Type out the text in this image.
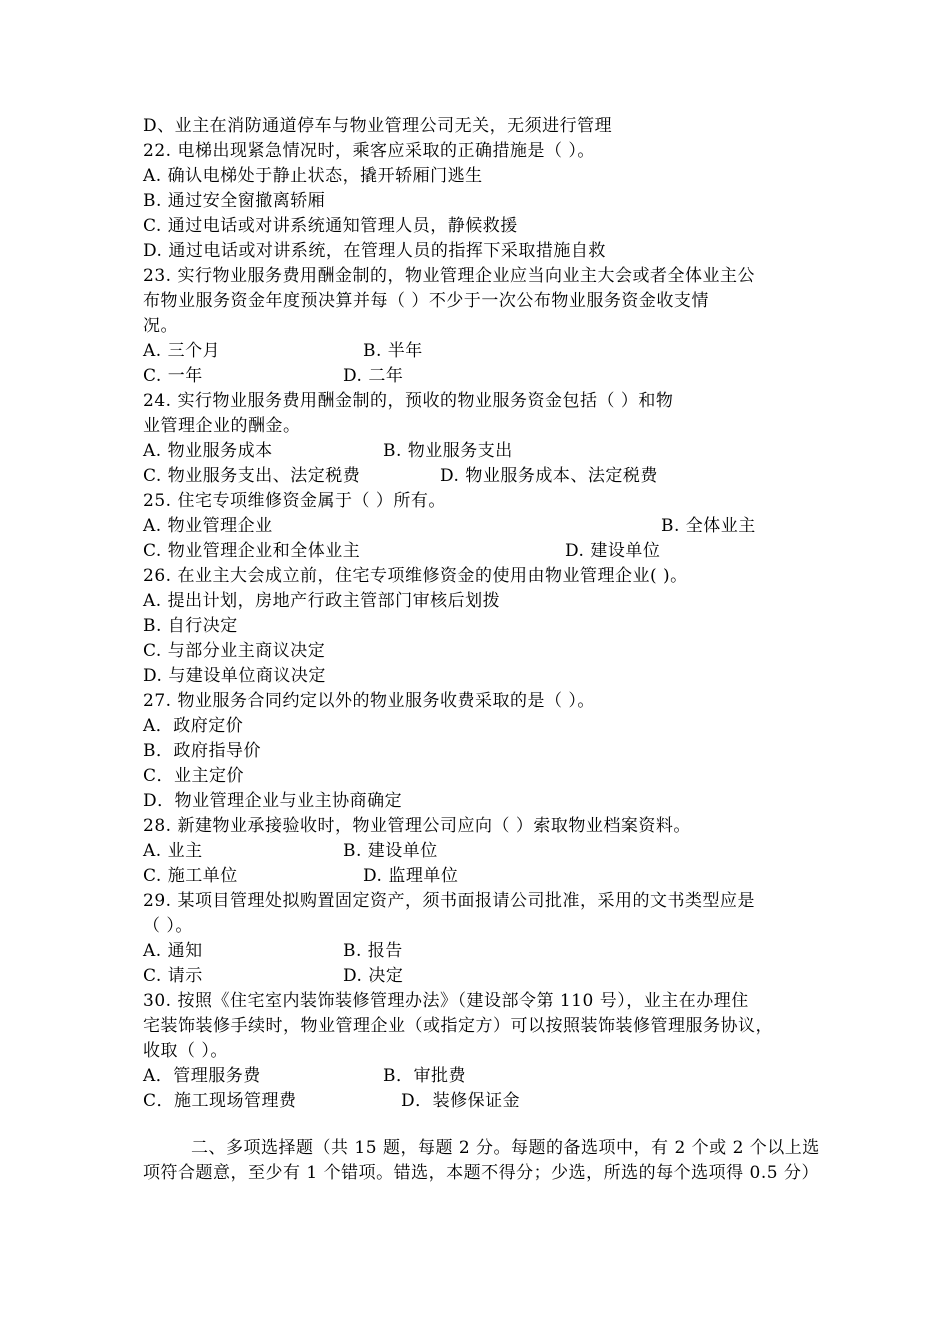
D、业主在消防通道停车与物业管理公司无关，无须进行管理
22. 电梯出现紧急情况时，乘客应采取的正确措施是（ ）。
A. 确认电梯处于静止状态，撬开轿厢门逃生
B. 通过安全窗撤离轿厢
C. 通过电话或对讲系统通知管理人员，静候救援
D. 通过电话或对讲系统，在管理人员的指挥下采取措施自救
23. 实行物业服务费用酬金制的，物业管理企业应当向业主大会或者全体业主公
布物业服务资金年度预决算并每（ ）不少于一次公布物业服务资金收支情
况。
A. 三个月	B. 半年
C. 一年	D. 二年
24. 实行物业服务费用酬金制的，预收的物业服务资金包括（ ）和物
业管理企业的酬金。
A. 物业服务成本	B. 物业服务支出
C. 物业服务支出、法定税费	D. 物业服务成本、法定税费
25. 住宅专项维修资金属于（ ）所有。
A. 物业管理企业	B. 全体业主
C. 物业管理企业和全体业主	D. 建设单位
26. 在业主大会成立前，住宅专项维修资金的使用由物业管理企业( )。
A. 提出计划，房地产行政主管部门审核后划拨
B. 自行决定
C. 与部分业主商议决定
D. 与建设单位商议决定
27. 物业服务合同约定以外的物业服务收费采取的是（ ）。
A．政府定价
B．政府指导价
C．业主定价
D．物业管理企业与业主协商确定
28. 新建物业承接验收时，物业管理公司应向（ ）索取物业档案资料。
A. 业主	B. 建设单位
C. 施工单位	D. 监理单位
29. 某项目管理处拟购置固定资产，须书面报请公司批准，采用的文书类型应是
（ ）。
A. 通知	B. 报告
C. 请示	D. 决定
30. 按照《住宅室内装饰装修管理办法》（建设部令第 110 号），业主在办理住
宅装饰装修手续时，物业管理企业（或指定方）可以按照装饰装修管理服务协议，
收取（ ）。
A．管理服务费	B．审批费
C．施工现场管理费	D．装修保证金
二、多项选择题（共 15 题，每题 2 分。每题的备选项中，有 2 个或 2 个以上选项符合题意，至少有 1 个错项。错选，本题不得分；少选，所选的每个选项得 0.5 分）
